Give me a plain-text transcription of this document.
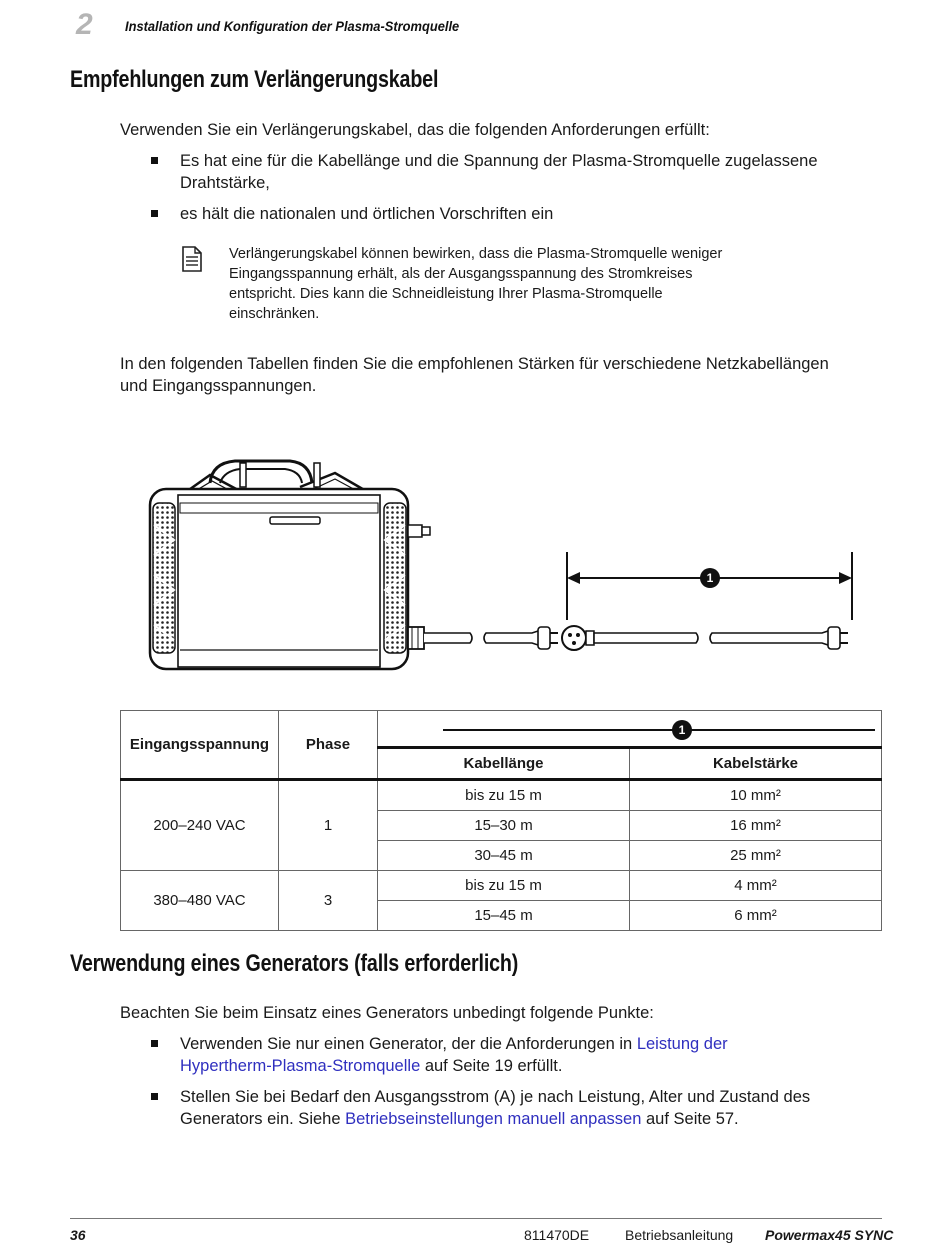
2 Installation und Konfiguration der Plasma-Stromquelle
Empfehlungen zum Verlängerungskabel
Verwenden Sie ein Verlängerungskabel, das die folgenden Anforderungen erfüllt:
Es hat eine für die Kabellänge und die Spannung der Plasma-Stromquelle zugelassene Drahtstärke,
es hält die nationalen und örtlichen Vorschriften ein
Verlängerungskabel können bewirken, dass die Plasma-Stromquelle weniger
Eingangsspannung erhält, als der Ausgangsspannung des Stromkreises
entspricht. Dies kann die Schneidleistung Ihrer Plasma-Stromquelle
einschränken.
In den folgenden Tabellen finden Sie die empfohlenen Stärken für verschiedene Netzkabellängen
und Eingangsspannungen.
1
Eingangsspannung	Phase	1	

		Kabellänge	Kabelstärke
200–240 VAC	1	bis zu 15 m	10 mm²
		15–30 m	16 mm²
		30–45 m	25 mm²
380–480 VAC	3	bis zu 15 m	4 mm²
		15–45 m	6 mm²
Verwendung eines Generators (falls erforderlich)
Beachten Sie beim Einsatz eines Generators unbedingt folgende Punkte:
Verwenden Sie nur einen Generator, der die Anforderungen in Leistung der
Hypertherm-Plasma-Stromquelle auf Seite 19 erfüllt.
Stellen Sie bei Bedarf den Ausgangsstrom (A) je nach Leistung, Alter und Zustand des
Generators ein. Siehe Betriebseinstellungen manuell anpassen auf Seite 57.
36	811470DE	Betriebsanleitung Powermax45 SYNC
